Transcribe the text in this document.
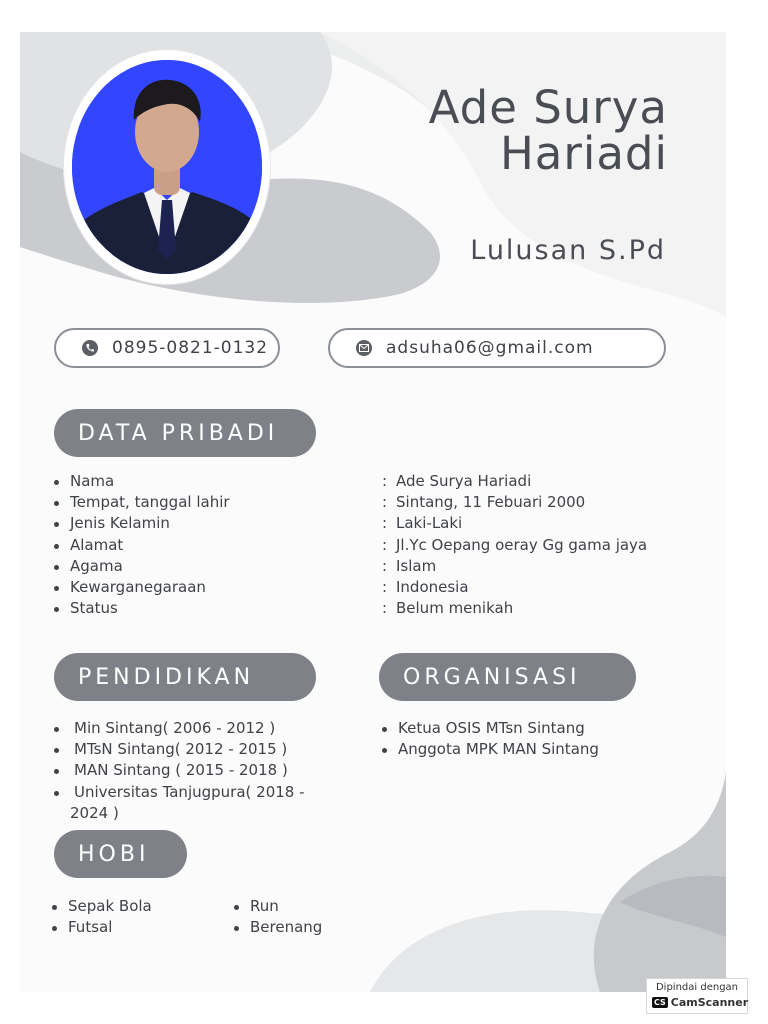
Ade Surya
Hariadi
Lulusan S.Pd
0895-0821-0132	adsuha06@gmail.com
DATA PRIBADI
Nama
Tempat, tanggal lahir
Jenis Kelamin
Alamat
Agama
Kewarganegaraan
Status
: Ade Surya Hariadi
: Sintang, 11 Febuari 2000
: Laki-Laki
: Jl.Yc Oepang oeray Gg gama jaya
: Islam
: Indonesia
: Belum menikah
PENDIDIKAN	ORGANISASI
Min Sintang( 2006 - 2012 )
MTsN Sintang( 2012 - 2015 )
MAN Sintang ( 2015 - 2018 )
Universitas Tanjugpura( 2018 -
2024 )
Ketua OSIS MTsn Sintang
Anggota MPK MAN Sintang
HOBI
Sepak Bola
Futsal
Run
Berenang
Dipindai dengan
CS CamScanner
